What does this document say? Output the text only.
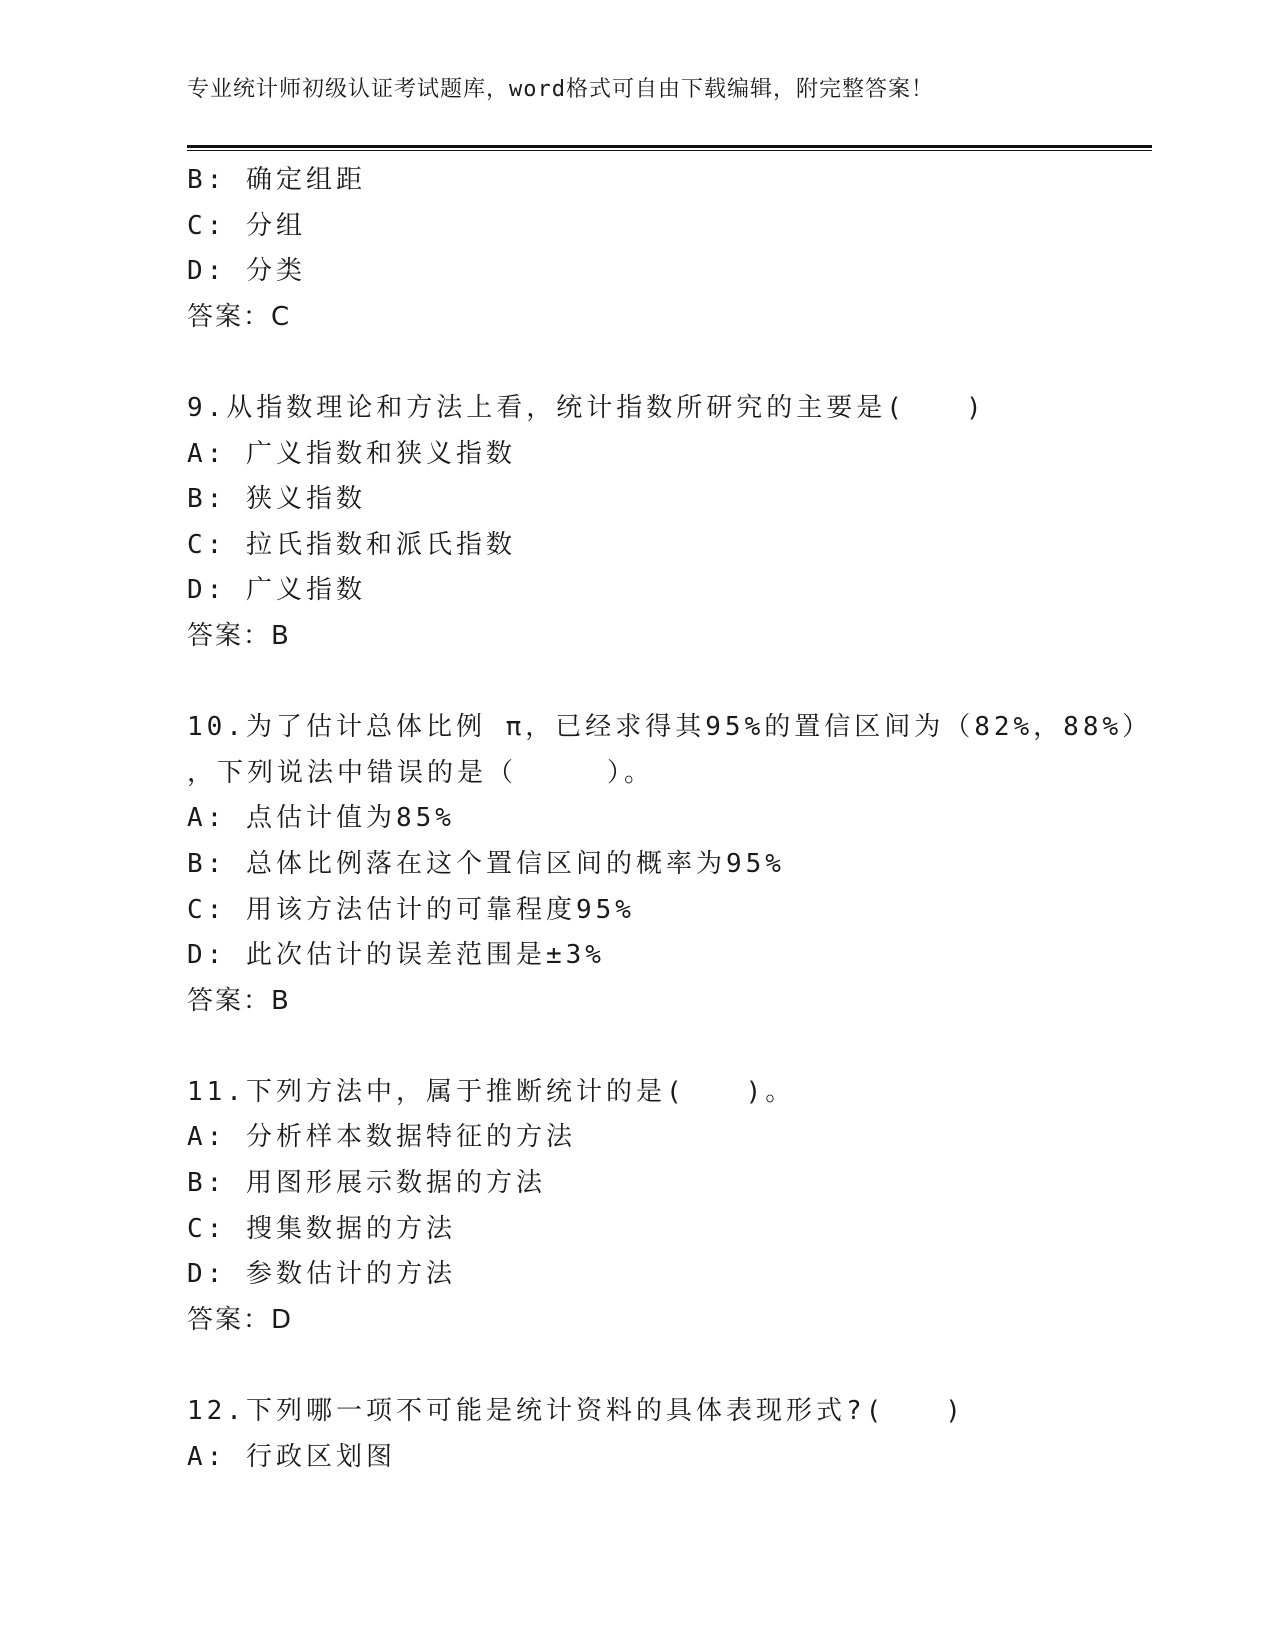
专业统计师初级认证考试题库，word格式可自由下载编辑，附完整答案！
B: 确定组距
C: 分组
D: 分类
答案：C
9.从指数理论和方法上看，统计指数所研究的主要是(　　)
A: 广义指数和狭义指数
B: 狭义指数
C: 拉氏指数和派氏指数
D: 广义指数
答案：B
10.为了估计总体比例 π，已经求得其95%的置信区间为（82%，88%）
，下列说法中错误的是（　　　）。
A: 点估计值为85%
B: 总体比例落在这个置信区间的概率为95%
C: 用该方法估计的可靠程度95%
D: 此次估计的误差范围是±3%
答案：B
11.下列方法中，属于推断统计的是(　　)。
A: 分析样本数据特征的方法
B: 用图形展示数据的方法
C: 搜集数据的方法
D: 参数估计的方法
答案：D
12.下列哪一项不可能是统计资料的具体表现形式?(　　)
A: 行政区划图
